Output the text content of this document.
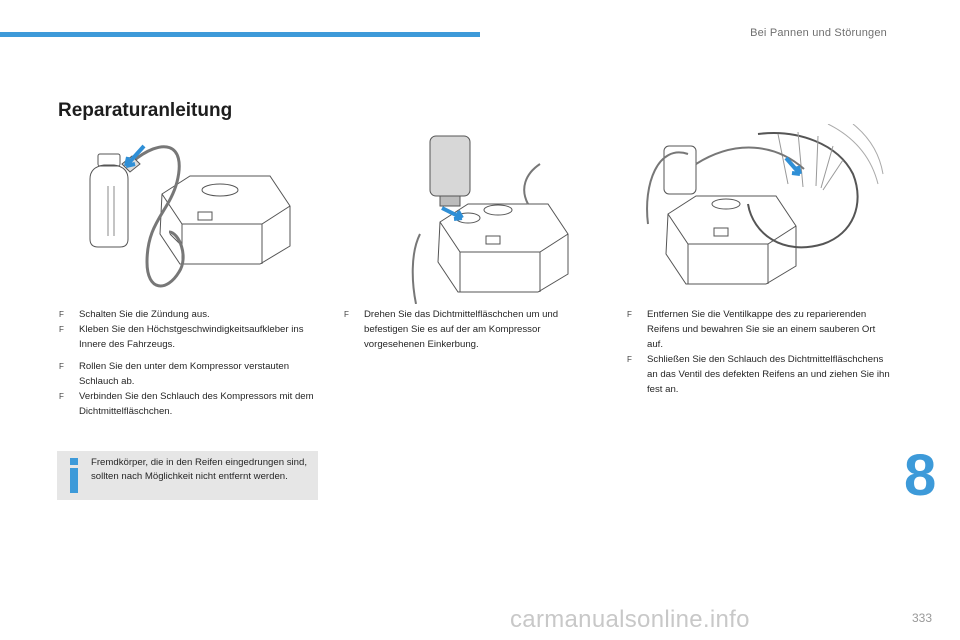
Bei Pannen und Störungen
Reparaturanleitung
F Schalten Sie die Zündung aus.
F Kleben Sie den Höchstgeschwindigkeitsaufkleber ins Innere des Fahrzeugs.
F Rollen Sie den unter dem Kompressor verstauten Schlauch ab.
F Verbinden Sie den Schlauch des Kompressors mit dem Dichtmittelfläschchen.
Fremdkörper, die in den Reifen eingedrungen sind, sollten nach Möglichkeit nicht entfernt werden.
F Drehen Sie das Dichtmittelfläschchen um und befestigen Sie es auf der am Kompressor vorgesehenen Einkerbung.
F Entfernen Sie die Ventilkappe des zu reparierenden Reifens und bewahren Sie sie an einem sauberen Ort auf.
F Schließen Sie den Schlauch des Dichtmittelfläschchens an das Ventil des defekten Reifens an und ziehen Sie ihn fest an.
8
carmanualsonline.info	333
